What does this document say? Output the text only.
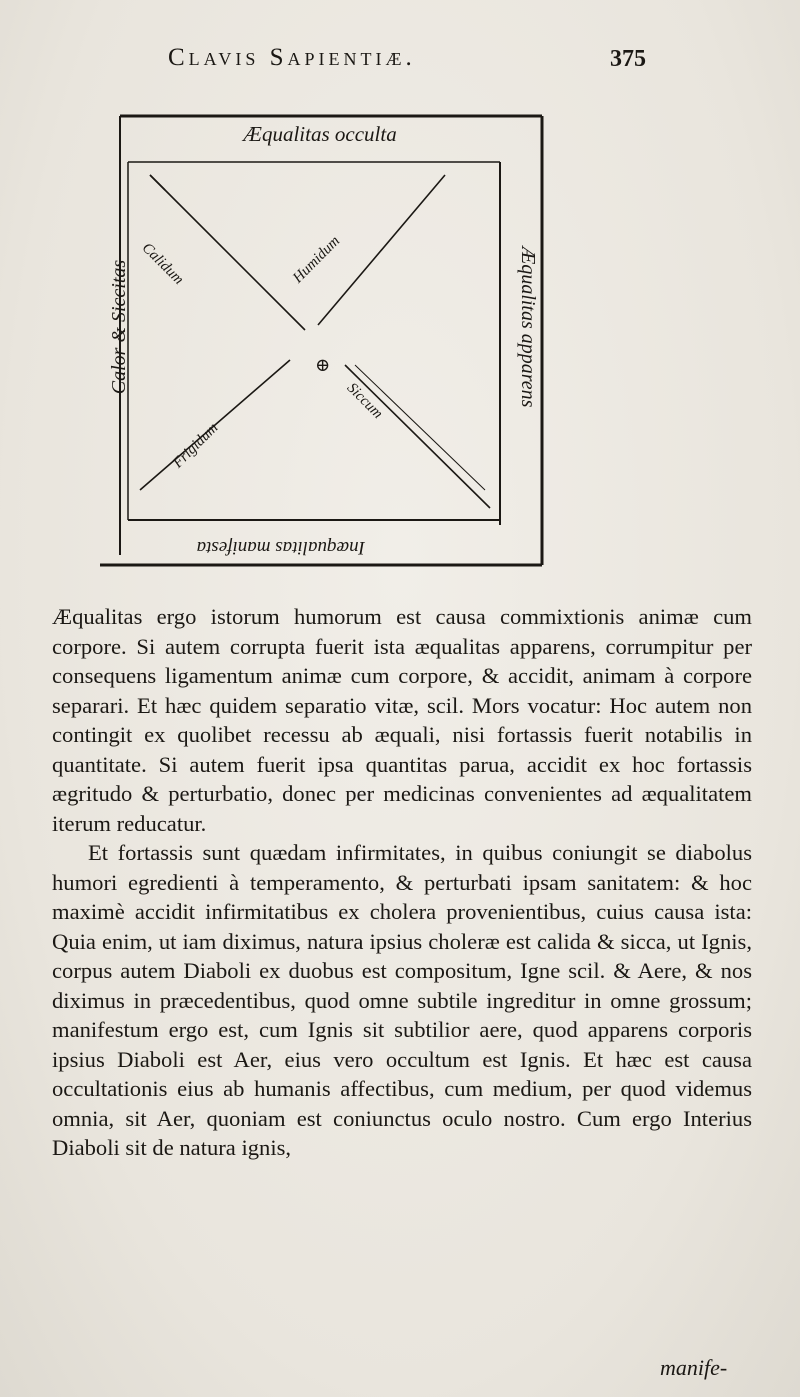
Clavis Sapientiæ.	375
Æqualitas occulta
Inæqualitas manifesta
Calor & Siccitas	Æqualitas apparens
Calidum	Humidum
Frigidum
Siccum
⊕

Æqualitas ergo istorum humorum est causa commixtionis animæ cum corpore. Si autem corrupta fuerit ista æqualitas apparens, corrumpitur per consequens ligamentum animæ cum corpore, & accidit, animam à corpore separari. Et hæc quidem separatio vitæ, scil. Mors vocatur: Hoc autem non contingit ex quolibet recessu ab æquali, nisi fortassis fuerit notabilis in quantitate. Si autem fuerit ipsa quantitas parua, accidit ex hoc fortassis ægritudo & perturbatio, donec per medicinas convenientes ad æqualitatem iterum reducatur.

Et fortassis sunt quædam infirmitates, in quibus coniungit se diabolus humori egredienti à temperamento, & perturbati ipsam sanitatem: & hoc maximè accidit infirmitatibus ex cholera provenientibus, cuius causa ista: Quia enim, ut iam diximus, natura ipsius choleræ est calida & sicca, ut Ignis, corpus autem Diaboli ex duobus est compositum, Igne scil. & Aere, & nos diximus in præcedentibus, quod omne subtile ingreditur in omne grossum; manifestum ergo est, cum Ignis sit subtilior aere, quod apparens corporis ipsius Diaboli est Aer, eius vero occultum est Ignis. Et hæc est causa occultationis eius ab humanis affectibus, cum medium, per quod videmus omnia, sit Aer, quoniam est coniunctus oculo nostro. Cum ergo Interius Diaboli sit de natura ignis,

manife-
